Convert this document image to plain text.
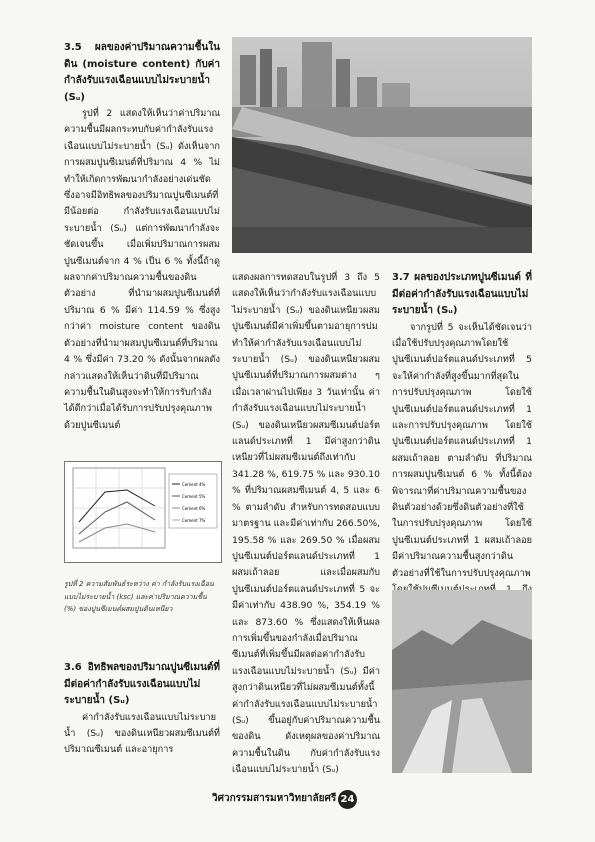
3.5 ผลของค่าปริมาณความชื้นในดิน (moisture content) กับค่ากำลังรับแรงเฉือนแบบไม่ระบายน้ำ (Sᵤ)

รูปที่ 2 แสดงให้เห็นว่าค่าปริมาณความชื้นมีผลกระทบกับค่ากำลังรับแรงเฉือนแบบไม่ระบายน้ำ (Sᵤ) ดังเห็นจากการผสมปูนซีเมนต์ที่ปริมาณ 4 % ไม่ทำให้เกิดการพัฒนากำลังอย่างเด่นชัด ซึ่งอาจมีอิทธิพลของปริมาณปูนซีเมนต์ที่มีน้อยต่อ กำลังรับแรงเฉือนแบบไม่ระบายน้ำ (Sᵤ) แต่การพัฒนากำลังจะชัดเจนขึ้น เมื่อเพิ่มปริมาณการผสมปูนซีเมนต์จาก 4 % เป็น 6 % ทั้งนี้ถ้าดูผลจากค่าปริมาณความชื้นของดินตัวอย่าง ที่นำมาผสมปูนซีเมนต์ที่ปริมาณ 6 % มีค่า 114.59 % ซึ่งสูงกว่าค่า moisture content ของดินตัวอย่างที่นำมาผสมปูนซีเมนต์ที่ปริมาณ 4 % ซึ่งมีค่า 73.20 % ดังนั้นจากผลดังกล่าวแสดงให้เห็นว่าดินที่มีปริมาณความชื้นในดินสูงจะทำให้การรับกำลังได้ดีกว่าเมื่อได้รับการปรับปรุงคุณภาพด้วยปูนซีเมนต์

แสดงผลการทดสอบในรูปที่ 3 ถึง 5 แสดงให้เห็นว่ากำลังรับแรงเฉือนแบบไม่ระบายน้ำ (Sᵤ) ของดินเหนียวผสมปูนซีเมนต์มีค่าเพิ่มขึ้นตามอายุการบ่ม ทำให้ค่ากำลังรับแรงเฉือนแบบไม่ระบายน้ำ (Sᵤ) ของดินเหนียวผสมปูนซีเมนต์ที่ปริมาณการผสมต่าง ๆ เมื่อเวลาผ่านไปเพียง 3 วันเท่านั้น ค่ากำลังรับแรงเฉือนแบบไม่ระบายน้ำ (Sᵤ) ของดินเหนียวผสมซีเมนต์ปอร์ตแลนด์ประเภทที่ 1 มีค่าสูงกว่าดินเหนียวที่ไม่ผสมซีเมนต์ถึงเท่ากับ 341.28 %, 619.75 % และ 930.10 % ที่ปริมาณผสมซีเมนต์ 4, 5 และ 6 % ตามลำดับ สำหรับการทดสอบแบบมาตรฐาน และมีค่าเท่ากับ 266.50%, 195.58 % และ 269.50 % เมื่อผสมปูนซีเมนต์ปอร์ตแลนด์ประเภทที่ 1 ผสมเถ้าลอย และเมื่อผสมกับปูนซีเมนต์ปอร์ตแลนด์ประเภทที่ 5 จะมีค่าเท่ากับ 438.90 %, 354.19 % และ 873.60 % ซึ่งแสดงให้เห็นผลการเพิ่มขึ้นของกำลังเมื่อปริมาณซีเมนต์ที่เพิ่มขึ้นมีผลต่อค่ากำลังรับแรงเฉือนแบบไม่ระบายน้ำ (Sᵤ) มีค่าสูงกว่าดินเหนียวที่ไม่ผสมซีเมนต์ทั้งนี้ค่ากำลังรับแรงเฉือนแบบไม่ระบายน้ำ (Sᵤ) ขึ้นอยู่กับค่าปริมาณความชื้น ของดิน ดังเหตุผลของค่าปริมาณความชื้นในดิน กับค่ากำลังรับแรงเฉือนแบบไม่ระบายน้ำ (Sᵤ)

3.7 ผลของประเภทปูนซีเมนต์ ที่มีต่อค่ากำลังรับแรงเฉือนแบบไม่ระบายน้ำ (Sᵤ)

จากรูปที่ 5 จะเห็นได้ชัดเจนว่า เมื่อใช้ปรับปรุงคุณภาพโดยใช้ปูนซีเมนต์ปอร์ตแลนด์ประเภทที่ 5 จะให้ค่ากำลังที่สูงขึ้นมากที่สุดในการปรับปรุงคุณภาพ โดยใช้ปูนซีเมนต์ปอร์ตแลนด์ประเภทที่ 1 และการปรับปรุงคุณภาพ โดยใช้ปูนซีเมนต์ปอร์ตแลนด์ประเภทที่ 1 ผสมเถ้าลอย ตามลำดับ ที่ปริมาณการผสมปูนซีเมนต์ 6 % ทั้งนี้ต้องพิจารณาที่ค่าปริมาณความชื้นของดินตัวอย่างด้วยซึ่งดินตัวอย่างที่ใช้ในการปรับปรุงคุณภาพ โดยใช้ปูนซีเมนต์ประเภทที่ 1 ผสมเถ้าลอยมีค่าปริมาณความชื้นสูงกว่าดินตัวอย่างที่ใช้ในการปรับปรุงคุณภาพ

Cement 4%
Cement 5%
Cement 6%
Cement 7%
รูปที่ 2 ความสัมพันธ์ระหว่าง ค่า กำลังรับแรงเฉือนแบบไม่ระบายน้ำ (ksc) และค่าปริมาณความชื้น (%) ของปูนซีเมนต์ผสมปูนดินเหนียว
3.6 อิทธิพลของปริมาณปูนซีเมนต์ที่มีต่อค่ากำลังรับแรงเฉือนแบบไม่ระบายน้ำ (Sᵤ)

ค่ากำลังรับแรงเฉือนแบบไม่ระบายน้ำ (Sᵤ) ของดินเหนียวผสมซีเมนต์ที่ปริมาณซีเมนต์ และอายุการ

วิศวกรรมสารมหาวิทยาลัยศรี 24
